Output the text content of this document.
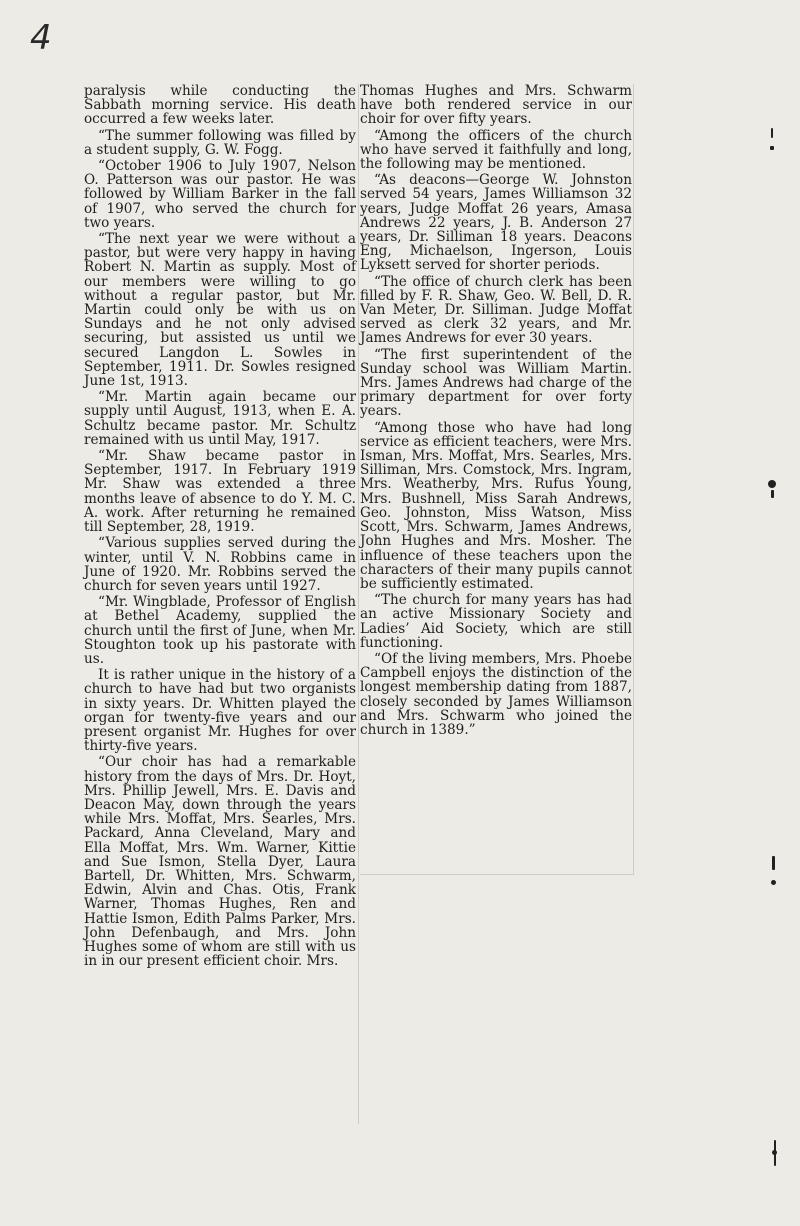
4

paralysis while conducting the Sabbath morning service. His death occurred a few weeks later.

“The summer following was filled by a student supply, G. W. Fogg.

“October 1906 to July 1907, Nelson O. Patterson was our pastor. He was followed by William Barker in the fall of 1907, who served the church for two years.

“The next year we were without a pastor, but were very happy in having Robert N. Martin as supply. Most of our members were willing to go without a regular pastor, but Mr. Martin could only be with us on Sundays and he not only advised securing, but assisted us until we secured Langdon L. Sowles in September, 1911. Dr. Sowles resigned June 1st, 1913.

“Mr. Martin again became our supply until August, 1913, when E. A. Schultz became pastor. Mr. Schultz remained with us until May, 1917.

“Mr. Shaw became pastor in September, 1917. In February 1919 Mr. Shaw was extended a three months leave of absence to do Y. M. C. A. work. After returning he remained till September, 28, 1919.

“Various supplies served during the winter, until V. N. Robbins came in June of 1920. Mr. Robbins served the church for seven years until 1927.

“Mr. Wingblade, Professor of English at Bethel Academy, supplied the church until the first of June, when Mr. Stoughton took up his pastorate with us.

It is rather unique in the history of a church to have had but two organists in sixty years. Dr. Whitten played the organ for twenty-five years and our present organist Mr. Hughes for over thirty-five years.

“Our choir has had a remarkable history from the days of Mrs. Dr. Hoyt, Mrs. Phillip Jewell, Mrs. E. Davis and Deacon May, down through the years while Mrs. Moffat, Mrs. Searles, Mrs. Packard, Anna Cleveland, Mary and Ella Moffat, Mrs. Wm. Warner, Kittie and Sue Ismon, Stella Dyer, Laura Bartell, Dr. Whitten, Mrs. Schwarm, Edwin, Alvin and Chas. Otis, Frank Warner, Thomas Hughes, Ren and Hattie Ismon, Edith Palms Parker, Mrs. John Defenbaugh, and Mrs. John Hughes some of whom are still with us in in our present efficient choir. Mrs.

Thomas Hughes and Mrs. Schwarm have both rendered service in our choir for over fifty years.

“Among the officers of the church who have served it faithfully and long, the following may be mentioned.

“As deacons—George W. Johnston served 54 years, James Williamson 32 years, Judge Moffat 26 years, Amasa Andrews 22 years, J. B. Anderson 27 years, Dr. Silliman 18 years. Deacons Eng, Michaelson, Ingerson, Louis Lyksett served for shorter periods.

“The office of church clerk has been filled by F. R. Shaw, Geo. W. Bell, D. R. Van Meter, Dr. Silliman. Judge Moffat served as clerk 32 years, and Mr. James Andrews for ever 30 years.

“The first superintendent of the Sunday school was William Martin. Mrs. James Andrews had charge of the primary department for over forty years.

“Among those who have had long service as efficient teachers, were Mrs. Isman, Mrs. Moffat, Mrs. Searles, Mrs. Silliman, Mrs. Comstock, Mrs. Ingram, Mrs. Weatherby, Mrs. Rufus Young, Mrs. Bushnell, Miss Sarah Andrews, Geo. Johnston, Miss Watson, Miss Scott, Mrs. Schwarm, James Andrews, John Hughes and Mrs. Mosher. The influence of these teachers upon the characters of their many pupils cannot be sufficiently estimated.

“The church for many years has had an active Missionary Society and Ladies’ Aid Society, which are still functioning.

“Of the living members, Mrs. Phoebe Campbell enjoys the distinction of the longest membership dating from 1887, closely seconded by James Williamson and Mrs. Schwarm who joined the church in 1389.”
